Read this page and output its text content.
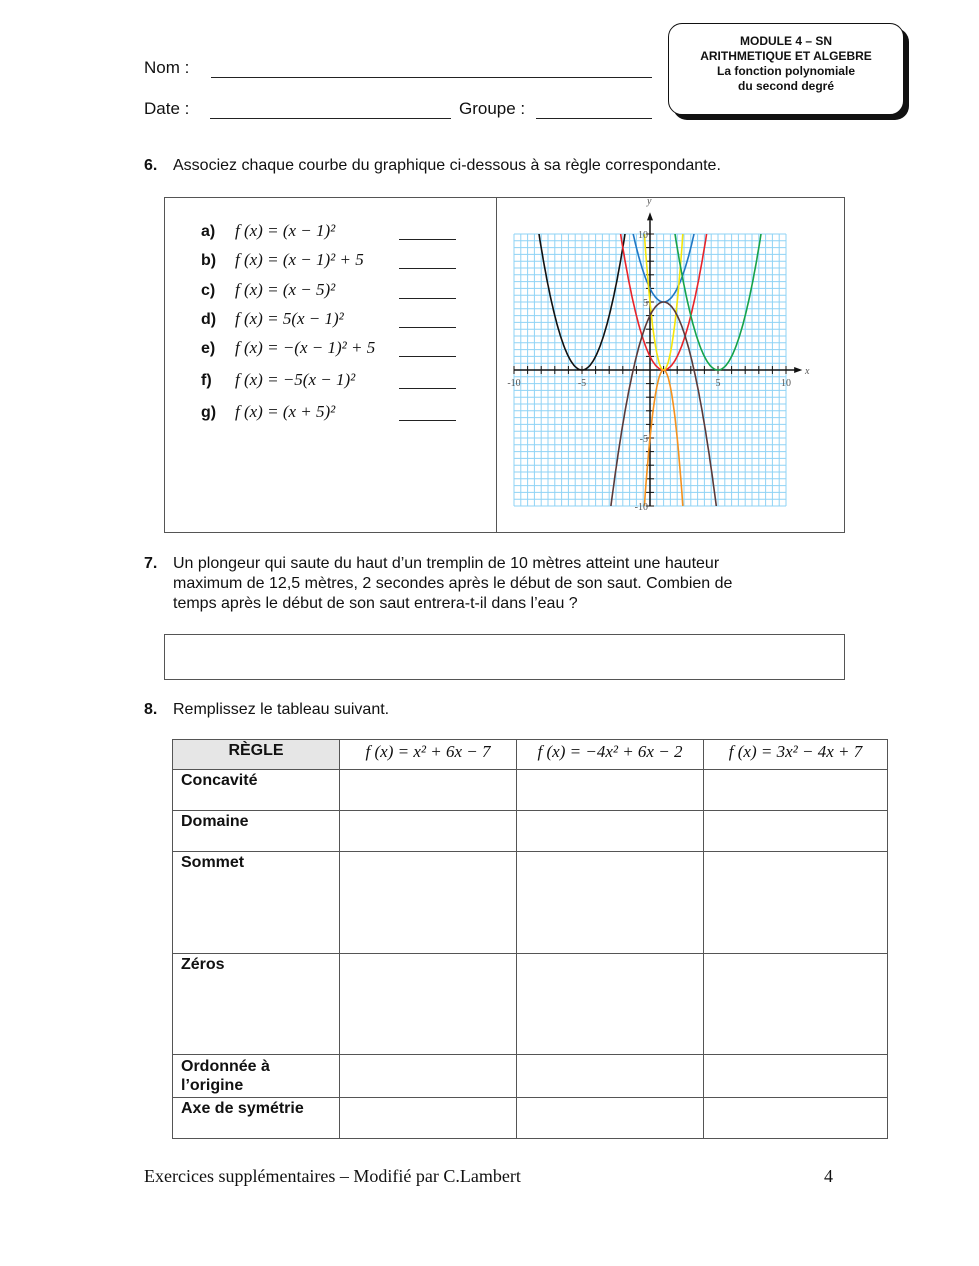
Nom :
Date :	Groupe :
MODULE 4 – SN
ARITHMETIQUE ET ALGEBRE
La fonction polynomiale
du second degré
6. Associez chaque courbe du graphique ci-dessous à sa règle correspondante.
a) f (x) = (x − 1)²
b) f (x) = (x − 1)² + 5
c) f (x) = (x − 5)²
d) f (x) = 5(x − 1)²
e) f (x) = −(x − 1)² + 5
f) f (x) = −5(x − 1)²
g) f (x) = (x + 5)²
-10	-5	5	10
10
5
-5
-10
x
y
7. Un plongeur qui saute du haut d’un tremplin de 10 mètres atteint une hauteur
maximum de 12,5 mètres, 2 secondes après le début de son saut. Combien de
temps après le début de son saut entrera-t-il dans l’eau ?
8. Remplissez le tableau suivant.
RÈGLE	f (x) = x² + 6x − 7	f (x) = −4x² + 6x − 2	f (x) = 3x² − 4x + 7
Concavité			
Domaine			
Sommet			
Zéros			
Ordonnée à l’origine			
Axe de symétrie			
Exercices supplémentaires – Modifié par C.Lambert	4
